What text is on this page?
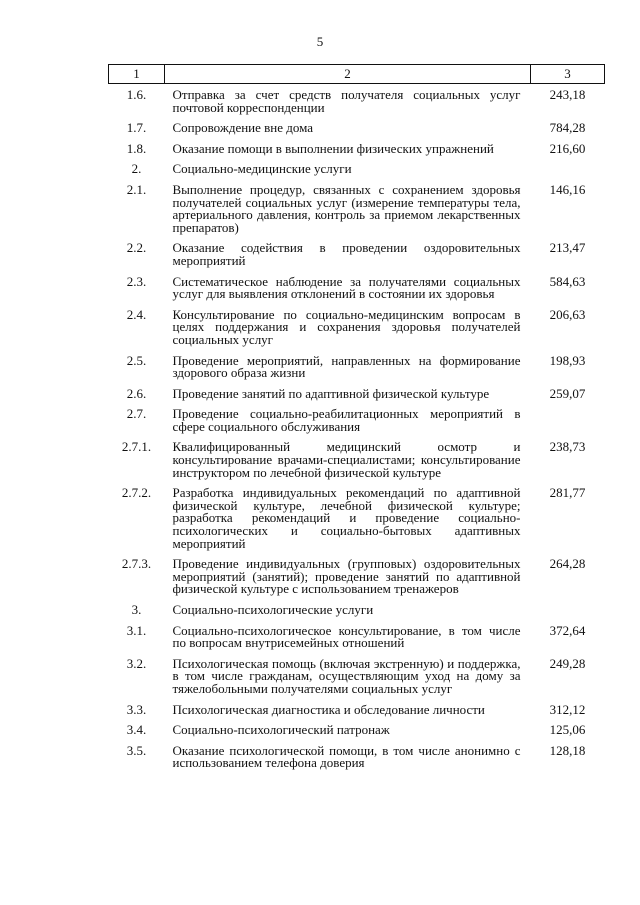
5
1	2	3
1.6.	Отправка за счет средств получателя социальных услуг почтовой корреспонденции	243,18
1.7.	Сопровождение вне дома	784,28
1.8.	Оказание помощи в выполнении физических упражнений	216,60
2.	Социально-медицинские услуги	
2.1.	Выполнение процедур, связанных с сохранением здоровья получателей социальных услуг (измерение температуры тела, артериального давления, контроль за приемом лекарственных препаратов)	146,16
2.2.	Оказание содействия в проведении оздоровительных мероприятий	213,47
2.3.	Систематическое наблюдение за получателями социальных услуг для выявления отклонений в состоянии их здоровья	584,63
2.4.	Консультирование по социально-медицинским вопросам в целях поддержания и сохранения здоровья получателей социальных услуг	206,63
2.5.	Проведение мероприятий, направленных на формирование здорового образа жизни	198,93
2.6.	Проведение занятий по адаптивной физической культуре	259,07
2.7.	Проведение социально-реабилитационных мероприятий в сфере социального обслуживания	
2.7.1.	Квалифицированный медицинский осмотр и консультирование врачами-специалистами; консультирование инструктором по лечебной физической культуре	238,73
2.7.2.	Разработка индивидуальных рекомендаций по адаптивной физической культуре, лечебной физической культуре; разработка рекомендаций и проведение социально-психологических и социально-бытовых адаптивных мероприятий	281,77
2.7.3.	Проведение индивидуальных (групповых) оздоровительных мероприятий (занятий); проведение занятий по адаптивной физической культуре с использованием тренажеров	264,28
3.	Социально-психологические услуги	
3.1.	Социально-психологическое консультирование, в том числе по вопросам внутрисемейных отношений	372,64
3.2.	Психологическая помощь (включая экстренную) и поддержка, в том числе гражданам, осуществляющим уход на дому за тяжелобольными получателями социальных услуг	249,28
3.3.	Психологическая диагностика и обследование личности	312,12
3.4.	Социально-психологический патронаж	125,06
3.5.	Оказание психологической помощи, в том числе анонимно с использованием телефона доверия	128,18
